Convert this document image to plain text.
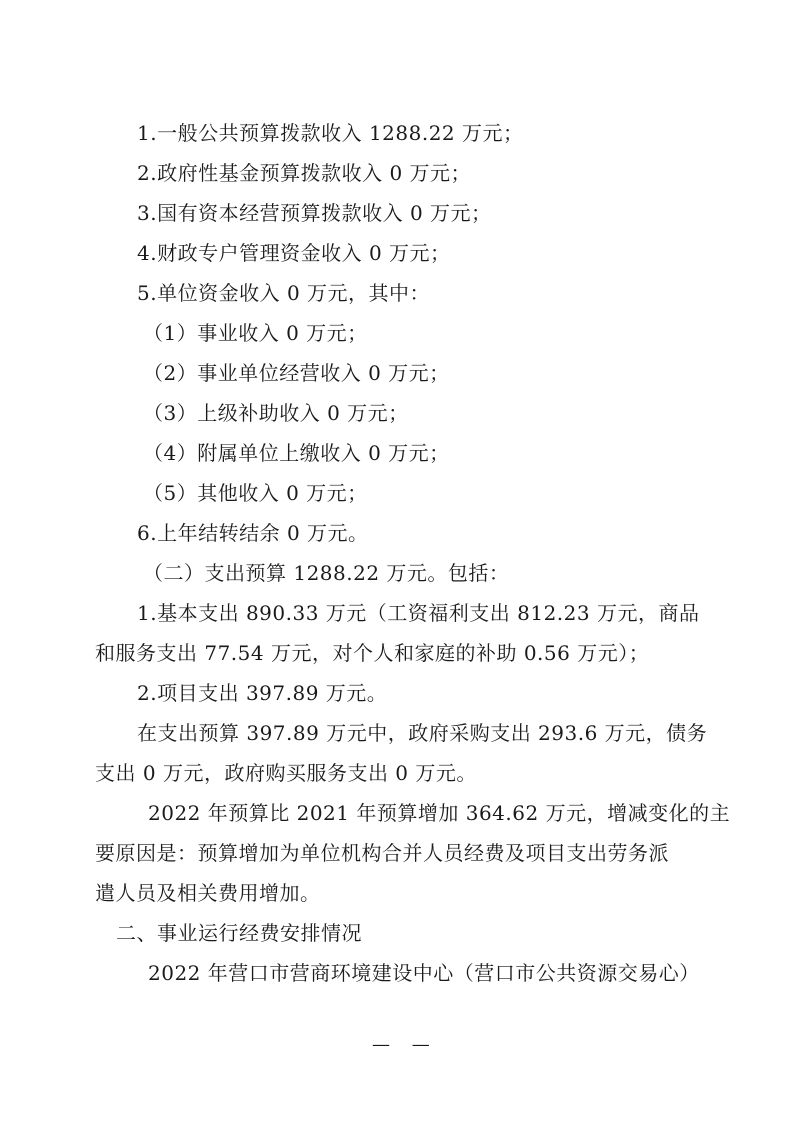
1.一般公共预算拨款收入 1288.22 万元；
2.政府性基金预算拨款收入 0 万元；
3.国有资本经营预算拨款收入 0 万元；
4.财政专户管理资金收入 0 万元；
5.单位资金收入 0 万元，其中：
（1）事业收入 0 万元；
（2）事业单位经营收入 0 万元；
（3）上级补助收入 0 万元；
（4）附属单位上缴收入 0 万元；
（5）其他收入 0 万元；
6.上年结转结余 0 万元。
（二）支出预算 1288.22 万元。包括：
1.基本支出 890.33 万元（工资福利支出 812.23 万元，商品
和服务支出 77.54 万元，对个人和家庭的补助 0.56 万元）；
2.项目支出 397.89 万元。
在支出预算 397.89 万元中，政府采购支出 293.6 万元，债务
支出 0 万元，政府购买服务支出 0 万元。
2022 年预算比 2021 年预算增加 364.62 万元，增减变化的主
要原因是：预算增加为单位机构合并人员经费及项目支出劳务派
遣人员及相关费用增加。
二、事业运行经费安排情况
2022 年营口市营商环境建设中心（营口市公共资源交易心）
— —
